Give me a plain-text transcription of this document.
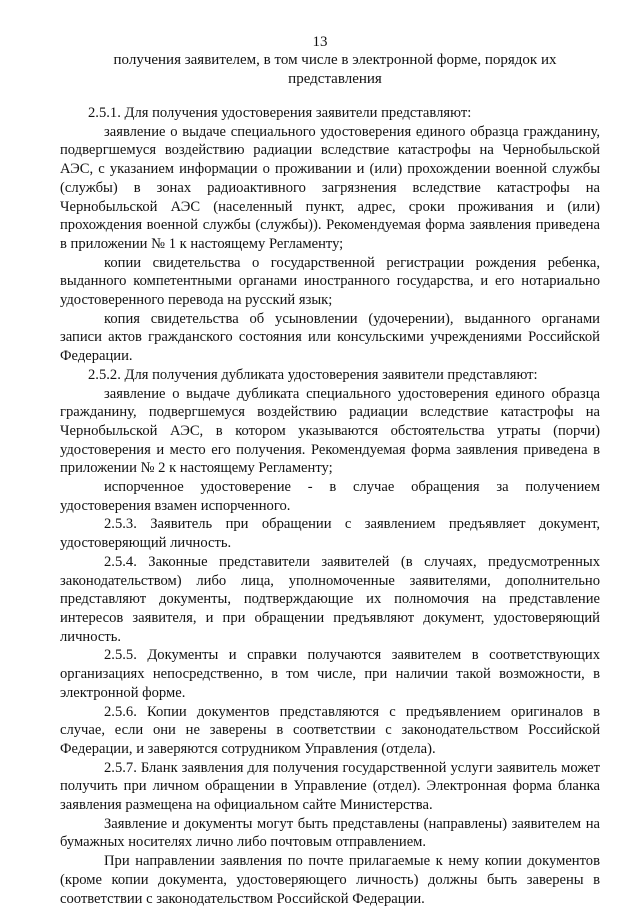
13
получения заявителем, в том числе в электронной форме, порядок их представления

2.5.1. Для получения удостоверения заявители представляют:

заявление о выдаче специального удостоверения единого образца гражданину, подвергшемуся воздействию радиации вследствие катастрофы на Чернобыльской АЭС, с указанием информации о проживании и (или) прохождении военной службы (службы) в зонах радиоактивного загрязнения вследствие катастрофы на Чернобыльской АЭС (населенный пункт, адрес, сроки проживания и (или) прохождения военной службы (службы)). Рекомендуемая форма заявления приведена в приложении № 1 к настоящему Регламенту;

копии свидетельства о государственной регистрации рождения ребенка, выданного компетентными органами иностранного государства, и его нотариально удостоверенного перевода на русский язык;

копия свидетельства об усыновлении (удочерении), выданного органами записи актов гражданского состояния или консульскими учреждениями Российской Федерации.

2.5.2. Для получения дубликата удостоверения заявители представляют:

заявление о выдаче дубликата специального удостоверения единого образца гражданину, подвергшемуся воздействию радиации вследствие катастрофы на Чернобыльской АЭС, в котором указываются обстоятельства утраты (порчи) удостоверения и место его получения. Рекомендуемая форма заявления приведена в приложении № 2 к настоящему Регламенту;

испорченное удостоверение - в случае обращения за получением удостоверения взамен испорченного.

2.5.3. Заявитель при обращении с заявлением предъявляет документ, удостоверяющий личность.

2.5.4. Законные представители заявителей (в случаях, предусмотренных законодательством) либо лица, уполномоченные заявителями, дополнительно представляют документы, подтверждающие их полномочия на представление интересов заявителя, и при обращении предъявляют документ, удостоверяющий личность.

2.5.5. Документы и справки получаются заявителем в соответствующих организациях непосредственно, в том числе, при наличии такой возможности, в электронной форме.

2.5.6. Копии документов представляются с предъявлением оригиналов в случае, если они не заверены в соответствии с законодательством Российской Федерации, и заверяются сотрудником Управления (отдела).

2.5.7. Бланк заявления для получения государственной услуги заявитель может получить при личном обращении в Управление (отдел). Электронная форма бланка заявления размещена на официальном сайте Министерства.

Заявление и документы могут быть представлены (направлены) заявителем на бумажных носителях лично либо почтовым отправлением.

При направлении заявления по почте прилагаемые к нему копии документов (кроме копии документа, удостоверяющего личность) должны быть заверены в соответствии с законодательством Российской Федерации.
